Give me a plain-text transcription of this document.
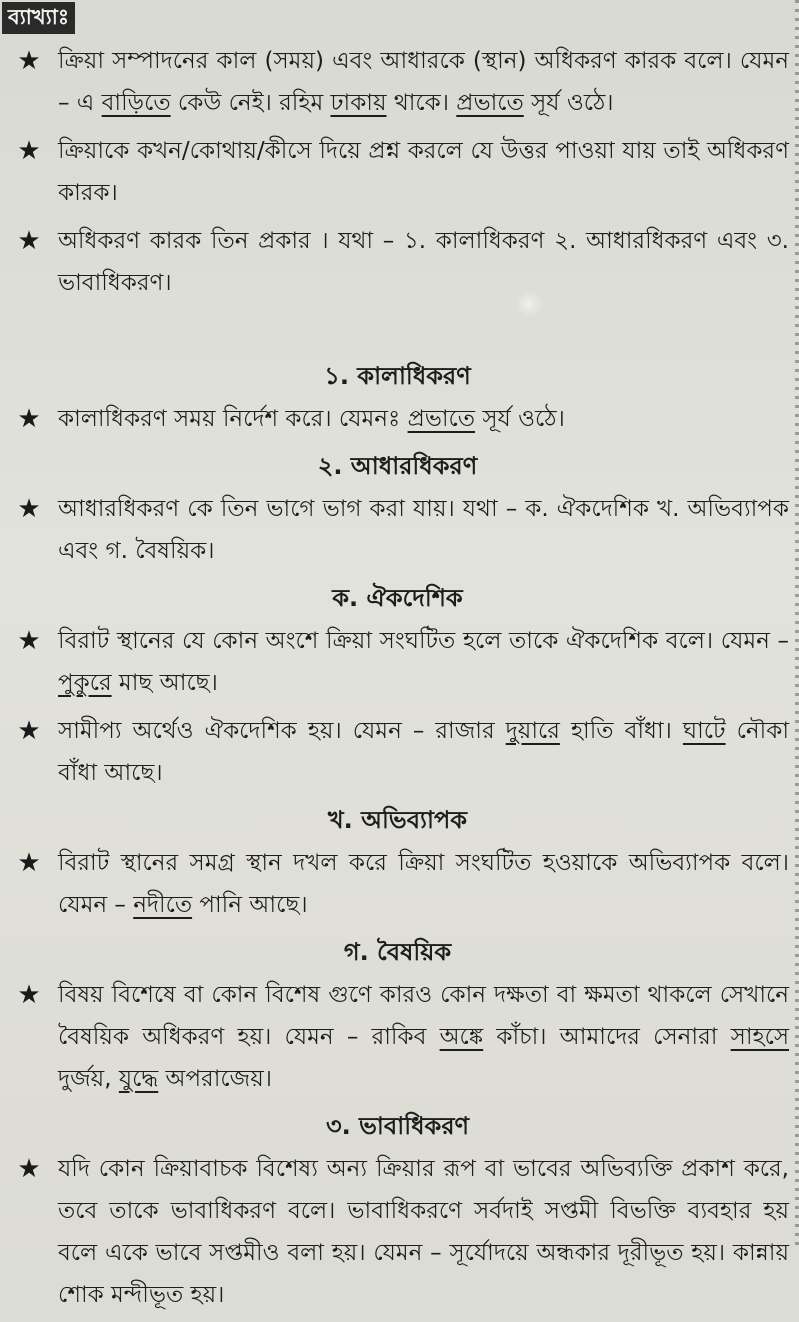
ব্যাখ্যাঃ
★ ক্রিয়া সম্পাদনের কাল (সময়) এবং আধারকে (স্থান) অধিকরণ কারক বলে। যেমন – এ বাড়িতে কেউ নেই। রহিম ঢাকায় থাকে। প্রভাতে সূর্য ওঠে।
★ ক্রিয়াকে কখন/কোথায়/কীসে দিয়ে প্রশ্ন করলে যে উত্তর পাওয়া যায় তাই অধিকরণ কারক।
★ অধিকরণ কারক তিন প্রকার । যথা – ১. কালাধিকরণ ২. আধারধিকরণ এবং ৩. ভাবাধিকরণ।
১. কালাধিকরণ
★ কালাধিকরণ সময় নির্দেশ করে। যেমনঃ প্রভাতে সূর্য ওঠে।
২. আধারধিকরণ
★ আধারধিকরণ কে তিন ভাগে ভাগ করা যায়। যথা – ক. ঐকদেশিক খ. অভিব্যাপক এবং গ. বৈষয়িক।
ক. ঐকদেশিক
★ বিরাট স্থানের যে কোন অংশে ক্রিয়া সংঘটিত হলে তাকে ঐকদেশিক বলে। যেমন – পুকুরে মাছ আছে।
★ সামীপ্য অর্থেও ঐকদেশিক হয়। যেমন – রাজার দুয়ারে হাতি বাঁধা। ঘাটে নৌকা বাঁধা আছে।
খ. অভিব্যাপক
★ বিরাট স্থানের সমগ্র স্থান দখল করে ক্রিয়া সংঘটিত হওয়াকে অভিব্যাপক বলে। যেমন – নদীতে পানি আছে।
গ. বৈষয়িক
★ বিষয় বিশেষে বা কোন বিশেষ গুণে কারও কোন দক্ষতা বা ক্ষমতা থাকলে সেখানে বৈষয়িক অধিকরণ হয়। যেমন – রাকিব অঙ্কে কাঁচা। আমাদের সেনারা সাহসে দুর্জয়, যুদ্ধে অপরাজেয়।
৩. ভাবাধিকরণ
★ যদি কোন ক্রিয়াবাচক বিশেষ্য অন্য ক্রিয়ার রূপ বা ভাবের অভিব্যক্তি প্রকাশ করে, তবে তাকে ভাবাধিকরণ বলে। ভাবাধিকরণে সর্বদাই সপ্তমী বিভক্তি ব্যবহার হয় বলে একে ভাবে সপ্তমীও বলা হয়। যেমন – সূর্যোদয়ে অন্ধকার দূরীভূত হয়। কান্নায় শোক মন্দীভূত হয়।
